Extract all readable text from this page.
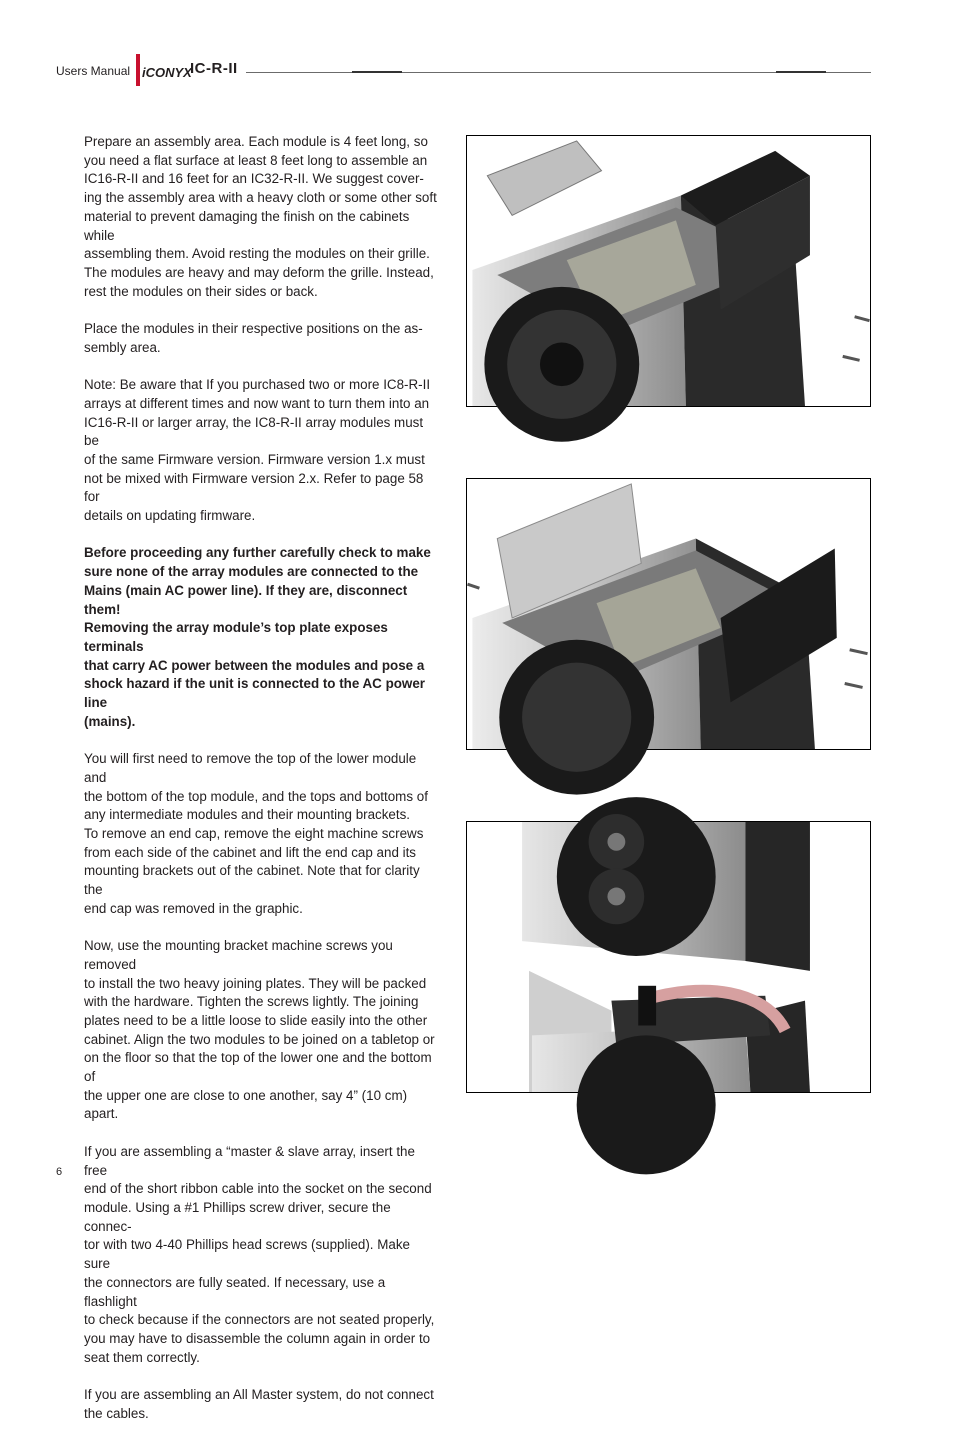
Users Manual iCONYX
IC-R-II

Prepare an assembly area. Each module is 4 feet long, so
you need a flat surface at least 8 feet long to assemble an
IC16-R-II and 16 feet for an IC32-R-II. We suggest cover-
ing the assembly area with a heavy cloth or some other soft
material to prevent damaging the finish on the cabinets while
assembling them. Avoid resting the modules on their grille.
The modules are heavy and may deform the grille. Instead,
rest the modules on their sides or back.

Place the modules in their respective positions on the as-
sembly area.

Note: Be aware that If you purchased two or more IC8-R-II
arrays at different times and now want to turn them into an
IC16-R-II or larger array, the IC8-R-II array modules must be
of the same Firmware version. Firmware version 1.x must
not be mixed with Firmware version 2.x. Refer to page 58 for
details on updating firmware.

Before proceeding any further carefully check to make
sure none of the array modules are connected to the
Mains (main AC power line). If they are, disconnect them!
Removing the array module’s top plate exposes terminals
that carry AC power between the modules and pose a
shock hazard if the unit is connected to the AC power line
(mains).

You will first need to remove the top of the lower module and
the bottom of the top module, and the tops and bottoms of
any intermediate modules and their mounting brackets.
To remove an end cap, remove the eight machine screws
from each side of the cabinet and lift the end cap and its
mounting brackets out of the cabinet. Note that for clarity the
end cap was removed in the graphic.

Now, use the mounting bracket machine screws you removed
to install the two heavy joining plates. They will be packed
with the hardware. Tighten the screws lightly. The joining
plates need to be a little loose to slide easily into the other
cabinet. Align the two modules to be joined on a tabletop or
on the floor so that the top of the lower one and the bottom of
the upper one are close to one another, say 4” (10 cm) apart.

If you are assembling a “master & slave array, insert the free
end of the short ribbon cable into the socket on the second
module. Using a #1 Phillips screw driver, secure the connec-
tor with two 4-40 Phillips head screws (supplied). Make sure
the connectors are fully seated. If necessary, use a flashlight
to check because if the connectors are not seated properly,
you may have to disassemble the column again in order to
seat them correctly.

If you are assembling an All Master system, do not connect
the cables.

6
